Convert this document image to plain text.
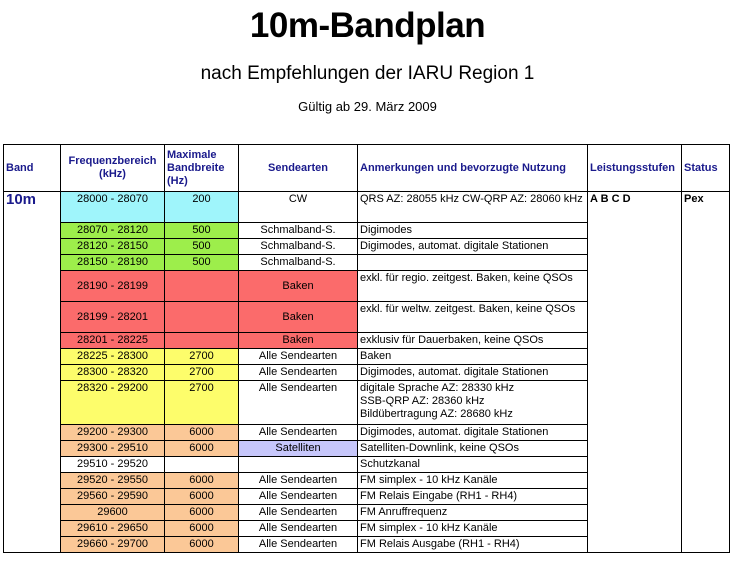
10m-Bandplan
nach Empfehlungen der IARU Region 1
Gültig ab 29. März 2009
Band	Frequenzbereich (kHz)	Maximale Bandbreite (Hz)	Sendearten	Anmerkungen und bevorzugte Nutzung	Leistungsstufen	Status
10m	28000 - 28070	200	CW	QRS AZ: 28055 kHz CW-QRP AZ: 28060 kHz	A B C D	Pex
	28070 - 28120	500	Schmalband-S.	Digimodes		
	28120 - 28150	500	Schmalband-S.	Digimodes, automat. digitale Stationen		
	28150 - 28190	500	Schmalband-S.			
	28190 - 28199		Baken	exkl. für regio. zeitgest. Baken, keine QSOs		
	28199 - 28201		Baken	exkl. für weltw. zeitgest. Baken, keine QSOs		
	28201 - 28225		Baken	exklusiv für Dauerbaken, keine QSOs		
	28225 - 28300	2700	Alle Sendearten	Baken		
	28300 - 28320	2700	Alle Sendearten	Digimodes, automat. digitale Stationen		
	28320 - 29200	2700	Alle Sendearten	digitale Sprache AZ: 28330 kHz
SSB-QRP AZ: 28360 kHz
Bildübertragung AZ: 28680 kHz		

	29200 - 29300	6000	Alle Sendearten	Digimodes, automat. digitale Stationen		
	29300 - 29510	6000	Satelliten	Satelliten-Downlink, keine QSOs		
	29510 - 29520			Schutzkanal		
	29520 - 29550	6000	Alle Sendearten	FM simplex - 10 kHz Kanäle		
	29560 - 29590	6000	Alle Sendearten	FM Relais Eingabe (RH1 - RH4)		
	29600	6000	Alle Sendearten	FM Anruffrequenz		
	29610 - 29650	6000	Alle Sendearten	FM simplex - 10 kHz Kanäle		
	29660 - 29700	6000	Alle Sendearten	FM Relais Ausgabe (RH1 - RH4)		
